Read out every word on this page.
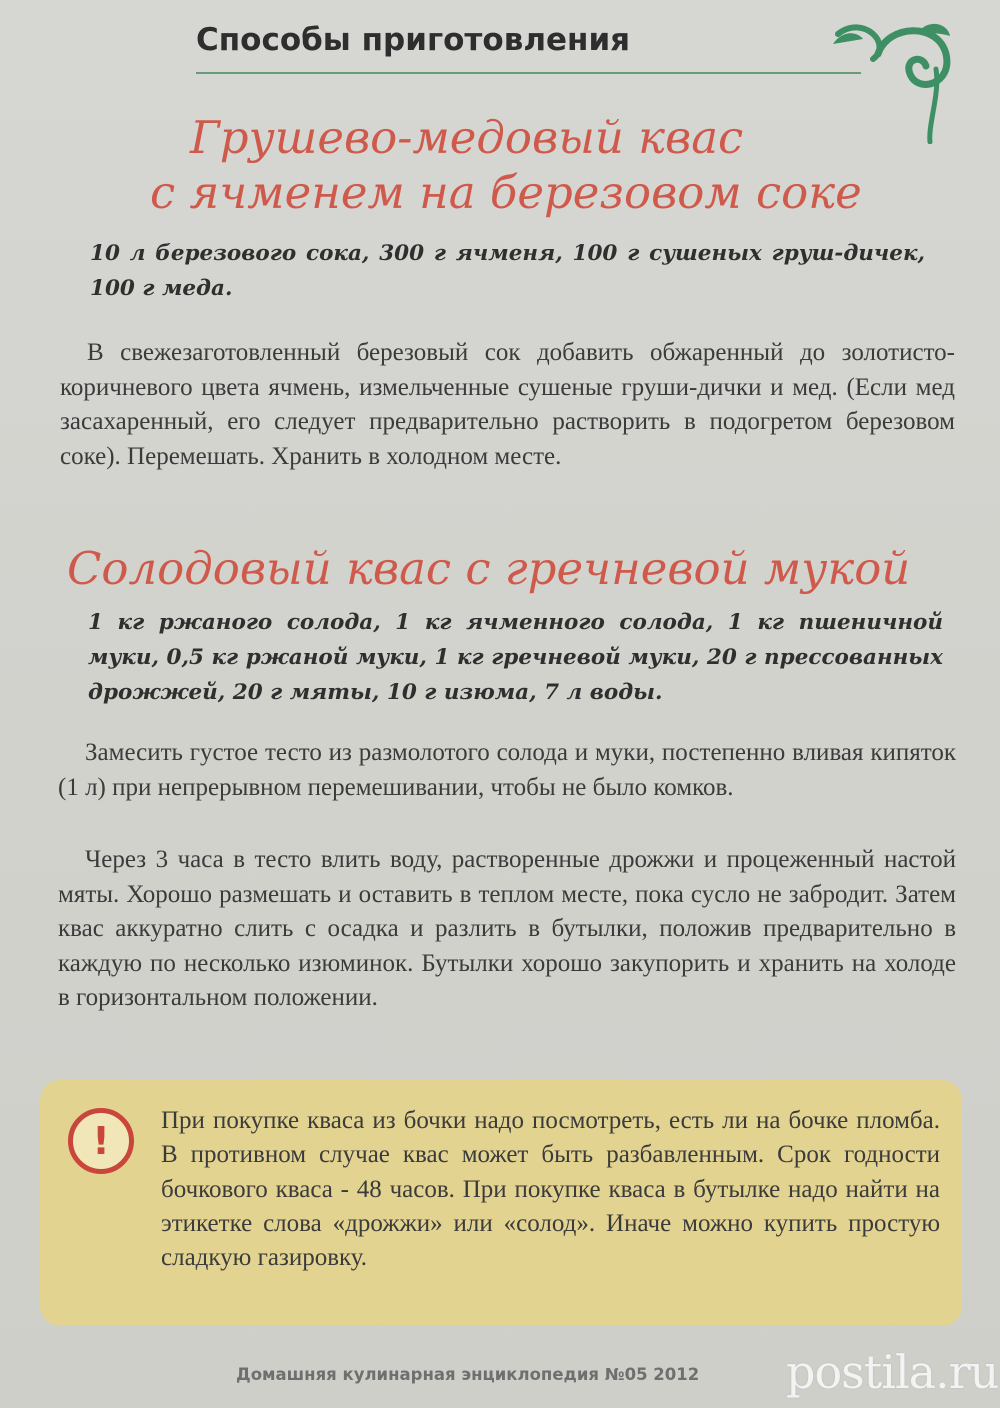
Способы приготовления
Грушево-медовый квас
с ячменем на березовом соке
10 л березового сока, 300 г ячменя, 100 г сушеных груш-дичек, 100 г меда.
В свежезаготовленный березовый сок добавить обжаренный до золотисто-коричневого цвета ячмень, измельченные сушеные груши-дички и мед. (Если мед засахаренный, его следует предварительно растворить в подогретом березовом соке). Перемешать. Хранить в холодном месте.
Солодовый квас с гречневой мукой
1 кг ржаного солода, 1 кг ячменного солода, 1 кг пшеничной муки, 0,5 кг ржаной муки, 1 кг гречневой муки, 20 г прессованных дрожжей, 20 г мяты, 10 г изюма, 7 л воды.
Замесить густое тесто из размолотого солода и муки, постепенно вливая кипяток (1 л) при непрерывном перемешивании, чтобы не было комков.
Через 3 часа в тесто влить воду, растворенные дрожжи и процеженный настой мяты. Хорошо размешать и оставить в теплом месте, пока сусло не забродит. Затем квас аккуратно слить с осадка и разлить в бутылки, положив предварительно в каждую по несколько изюминок. Бутылки хорошо закупорить и хранить на холоде в горизонтальном положении.
! При покупке кваса из бочки надо посмотреть, есть ли на бочке пломба. В противном случае квас может быть разбавленным. Срок годности бочкового кваса - 48 часов. При покупке кваса в бутылке надо найти на этикетке слова «дрожжи» или «солод». Иначе можно купить простую сладкую газировку.
Домашняя кулинарная энциклопедия №05 2012 postila . ru
